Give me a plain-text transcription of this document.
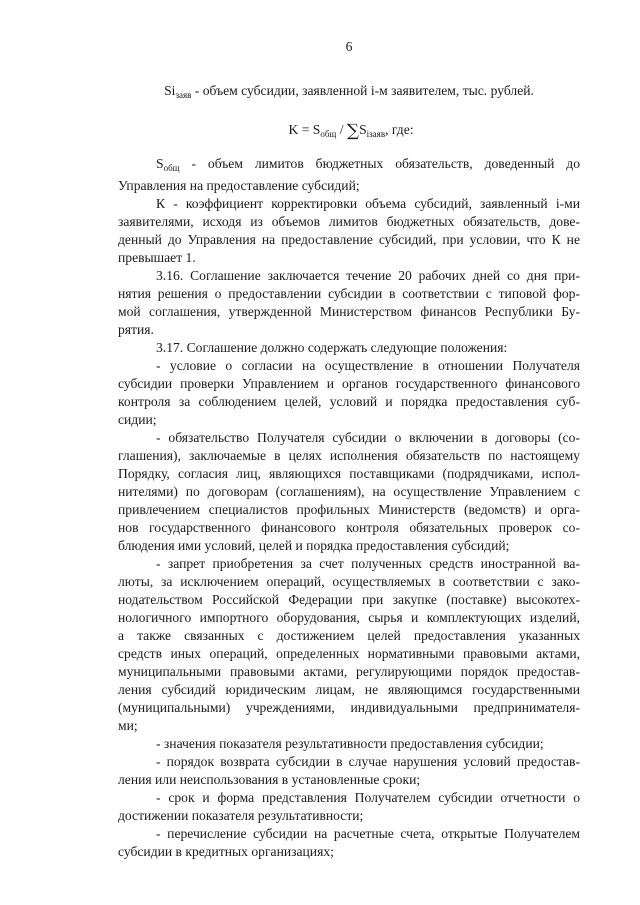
6
$Si_{заяв}$ - объем субсидии, заявленной i-м заявителем, тыс. рублей.
$K = S_{общ} / \sum S_{iзаяв}$, где:
$S_{общ}$ - объем лимитов бюджетных обязательств, доведенный до
Управления на предоставление субсидий;
К - коэффициент корректировки объема субсидий, заявленный i-ми
заявителями, исходя из объемов лимитов бюджетных обязательств, дове-
денный до Управления на предоставление субсидий, при условии, что К не
превышает 1.
3.16. Соглашение заключается течение 20 рабочих дней со дня при-
нятия решения о предоставлении субсидии в соответствии с типовой фор-
мой соглашения, утвержденной Министерством финансов Республики Бу-
рятия.
3.17. Соглашение должно содержать следующие положения:
- условие о согласии на осуществление в отношении Получателя
субсидии проверки Управлением и органов государственного финансового
контроля за соблюдением целей, условий и порядка предоставления суб-
сидии;
- обязательство Получателя субсидии о включении в договоры (со-
глашения), заключаемые в целях исполнения обязательств по настоящему
Порядку, согласия лиц, являющихся поставщиками (подрядчиками, испол-
нителями) по договорам (соглашениям), на осуществление Управлением с
привлечением специалистов профильных Министерств (ведомств) и орга-
нов государственного финансового контроля обязательных проверок со-
блюдения ими условий, целей и порядка предоставления субсидий;
- запрет приобретения за счет полученных средств иностранной ва-
люты, за исключением операций, осуществляемых в соответствии с зако-
нодательством Российской Федерации при закупке (поставке) высокотех-
нологичного импортного оборудования, сырья и комплектующих изделий,
а также связанных с достижением целей предоставления указанных
средств иных операций, определенных нормативными правовыми актами,
муниципальными правовыми актами, регулирующими порядок предостав-
ления субсидий юридическим лицам, не являющимся государственными
(муниципальными) учреждениями, индивидуальными предпринимателя-
ми;
- значения показателя результативности предоставления субсидии;
- порядок возврата субсидии в случае нарушения условий предостав-
ления или неиспользования в установленные сроки;
- срок и форма представления Получателем субсидии отчетности о
достижении показателя результативности;
- перечисление субсидии на расчетные счета, открытые Получателем
субсидии в кредитных организациях;
